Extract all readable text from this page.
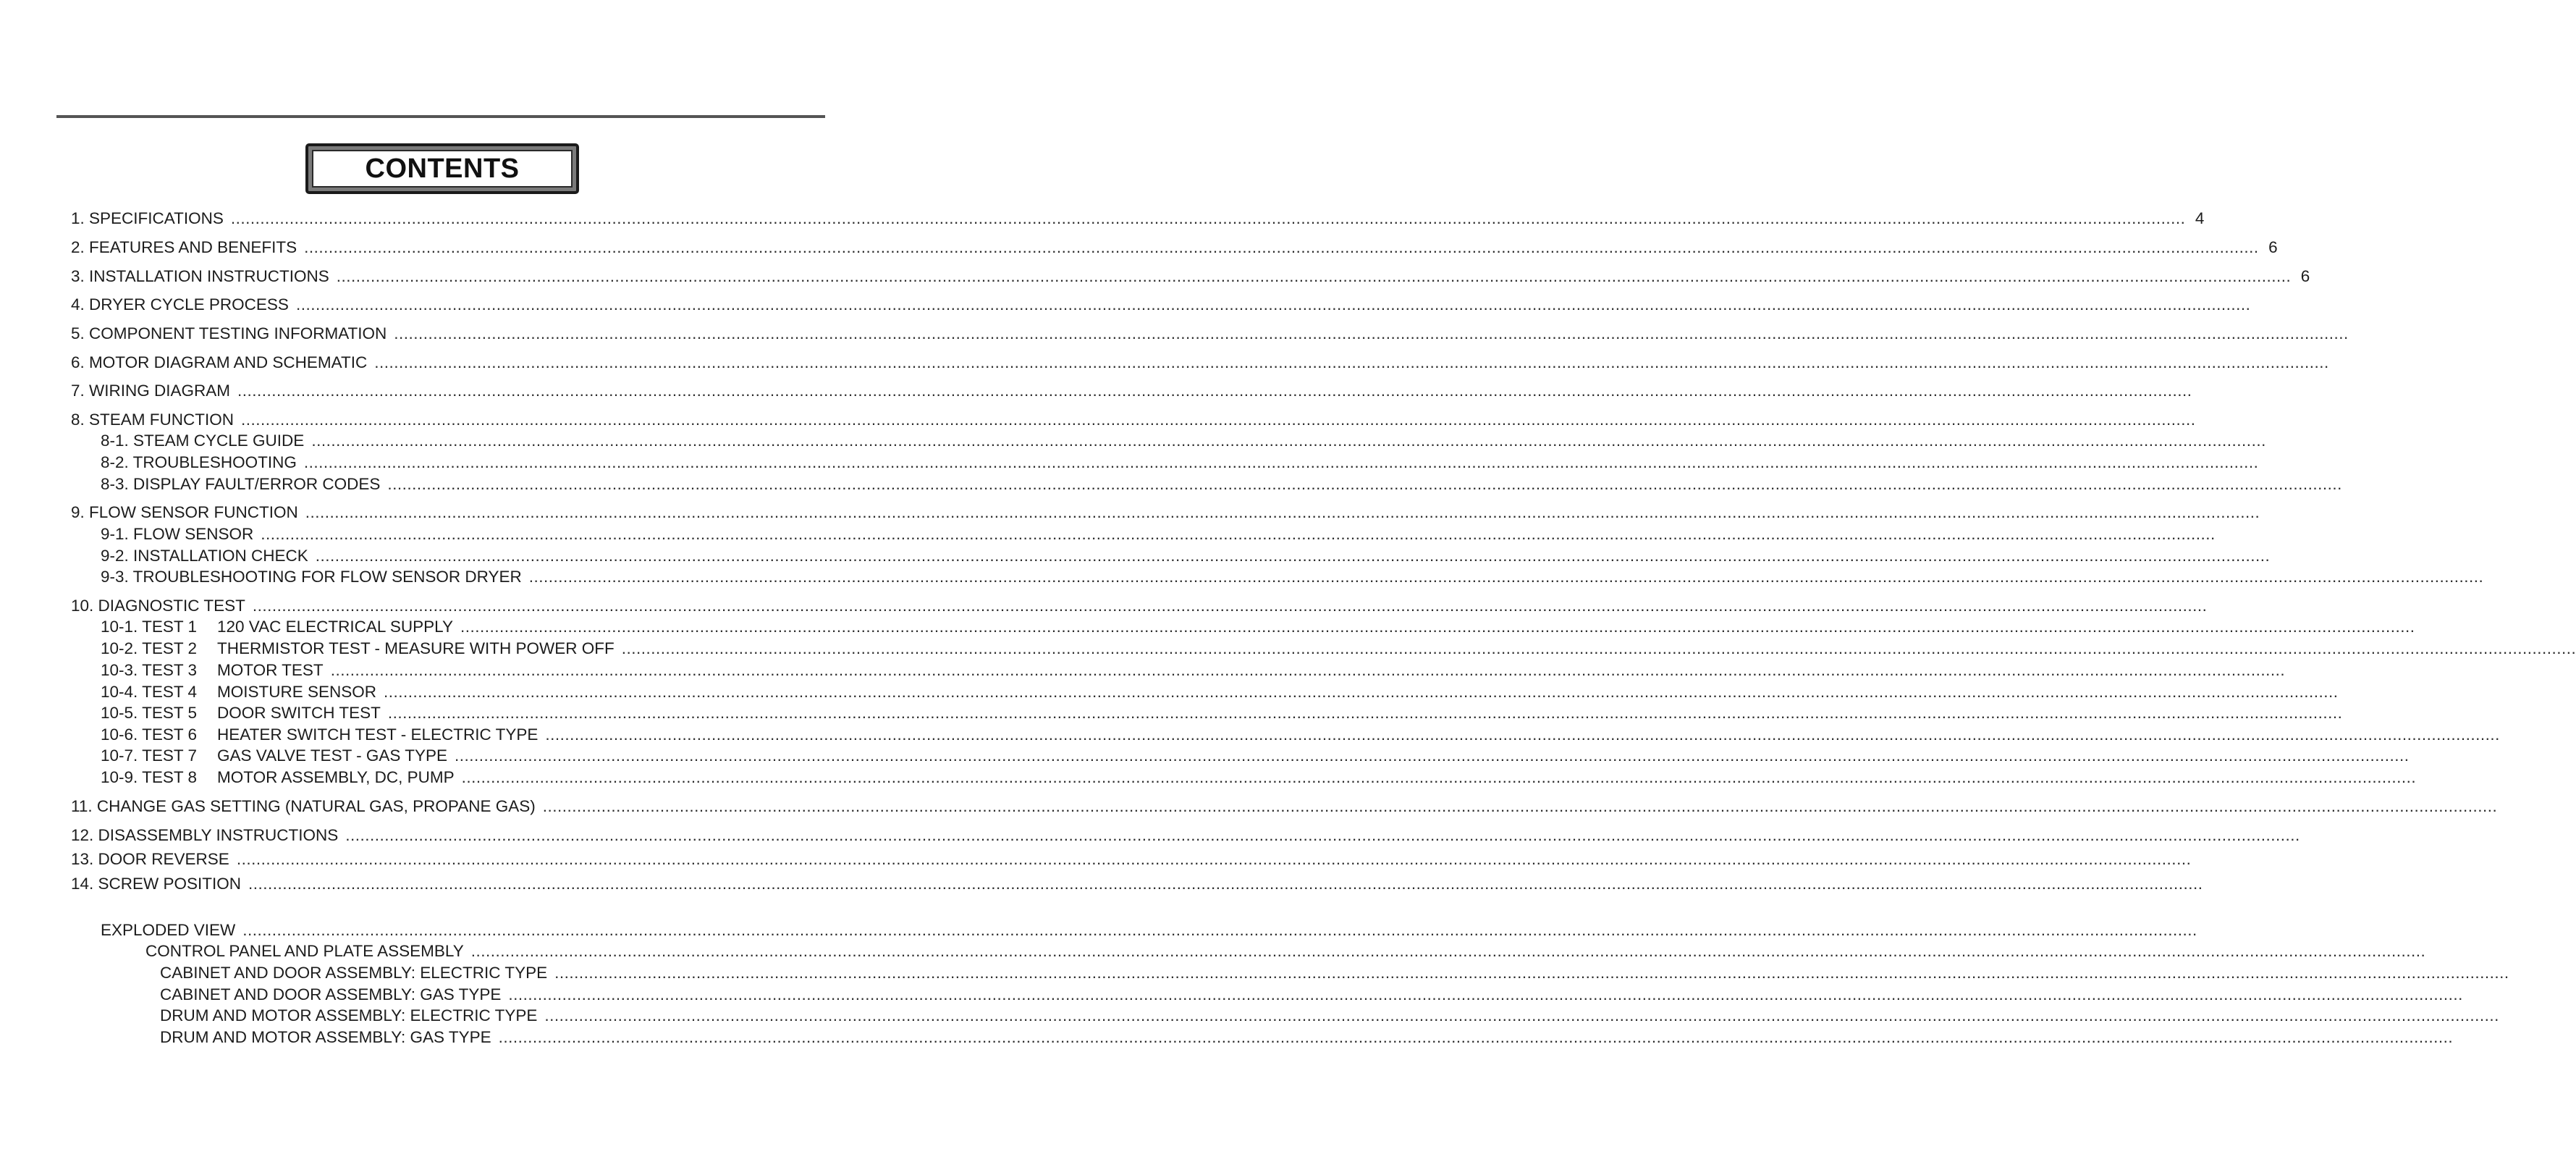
CONTENTS
1. SPECIFICATIONS ................................................................................................................................................................................................................................................................................................................................................................................................................ 4
2. FEATURES AND BENEFITS ................................................................................................................................................................................................................................................................................................................................................................................................................ 6
3. INSTALLATION INSTRUCTIONS ................................................................................................................................................................................................................................................................................................................................................................................................................ 6
4. DRYER CYCLE PROCESS ................................................................................................................................................................................................................................................................................................................................................................................................................
5. COMPONENT TESTING INFORMATION ................................................................................................................................................................................................................................................................................................................................................................................................................
6. MOTOR DIAGRAM AND SCHEMATIC ................................................................................................................................................................................................................................................................................................................................................................................................................
7. WIRING DIAGRAM ................................................................................................................................................................................................................................................................................................................................................................................................................
8. STEAM FUNCTION ................................................................................................................................................................................................................................................................................................................................................................................................................
8-1. STEAM CYCLE GUIDE ................................................................................................................................................................................................................................................................................................................................................................................................................
8-2. TROUBLESHOOTING ................................................................................................................................................................................................................................................................................................................................................................................................................
8-3. DISPLAY FAULT/ERROR CODES ................................................................................................................................................................................................................................................................................................................................................................................................................
9. FLOW SENSOR FUNCTION ................................................................................................................................................................................................................................................................................................................................................................................................................
9-1. FLOW SENSOR ................................................................................................................................................................................................................................................................................................................................................................................................................
9-2. INSTALLATION CHECK ................................................................................................................................................................................................................................................................................................................................................................................................................
9-3. TROUBLESHOOTING FOR FLOW SENSOR DRYER ................................................................................................................................................................................................................................................................................................................................................................................................................
10. DIAGNOSTIC TEST ................................................................................................................................................................................................................................................................................................................................................................................................................
10-1. TEST 1 120 VAC ELECTRICAL SUPPLY ................................................................................................................................................................................................................................................................................................................................................................................................................
10-2. TEST 2 THERMISTOR TEST - MEASURE WITH POWER OFF ................................................................................................................................................................................................................................................................................................................................................................................................................
10-3. TEST 3 MOTOR TEST ................................................................................................................................................................................................................................................................................................................................................................................................................
10-4. TEST 4 MOISTURE SENSOR ................................................................................................................................................................................................................................................................................................................................................................................................................
10-5. TEST 5 DOOR SWITCH TEST ................................................................................................................................................................................................................................................................................................................................................................................................................
10-6. TEST 6 HEATER SWITCH TEST - ELECTRIC TYPE ................................................................................................................................................................................................................................................................................................................................................................................................................
10-7. TEST 7 GAS VALVE TEST - GAS TYPE ................................................................................................................................................................................................................................................................................................................................................................................................................
10-9. TEST 8 MOTOR ASSEMBLY, DC, PUMP ................................................................................................................................................................................................................................................................................................................................................................................................................
11. CHANGE GAS SETTING (NATURAL GAS, PROPANE GAS) ................................................................................................................................................................................................................................................................................................................................................................................................................
12. DISASSEMBLY INSTRUCTIONS ................................................................................................................................................................................................................................................................................................................................................................................................................
13. DOOR REVERSE ................................................................................................................................................................................................................................................................................................................................................................................................................
14. SCREW POSITION ................................................................................................................................................................................................................................................................................................................................................................................................................
EXPLODED VIEW ................................................................................................................................................................................................................................................................................................................................................................................................................
CONTROL PANEL AND PLATE ASSEMBLY ................................................................................................................................................................................................................................................................................................................................................................................................................
CABINET AND DOOR ASSEMBLY: ELECTRIC TYPE ................................................................................................................................................................................................................................................................................................................................................................................................................
CABINET AND DOOR ASSEMBLY: GAS TYPE ................................................................................................................................................................................................................................................................................................................................................................................................................
DRUM AND MOTOR ASSEMBLY: ELECTRIC TYPE ................................................................................................................................................................................................................................................................................................................................................................................................................
DRUM AND MOTOR ASSEMBLY: GAS TYPE ................................................................................................................................................................................................................................................................................................................................................................................................................
